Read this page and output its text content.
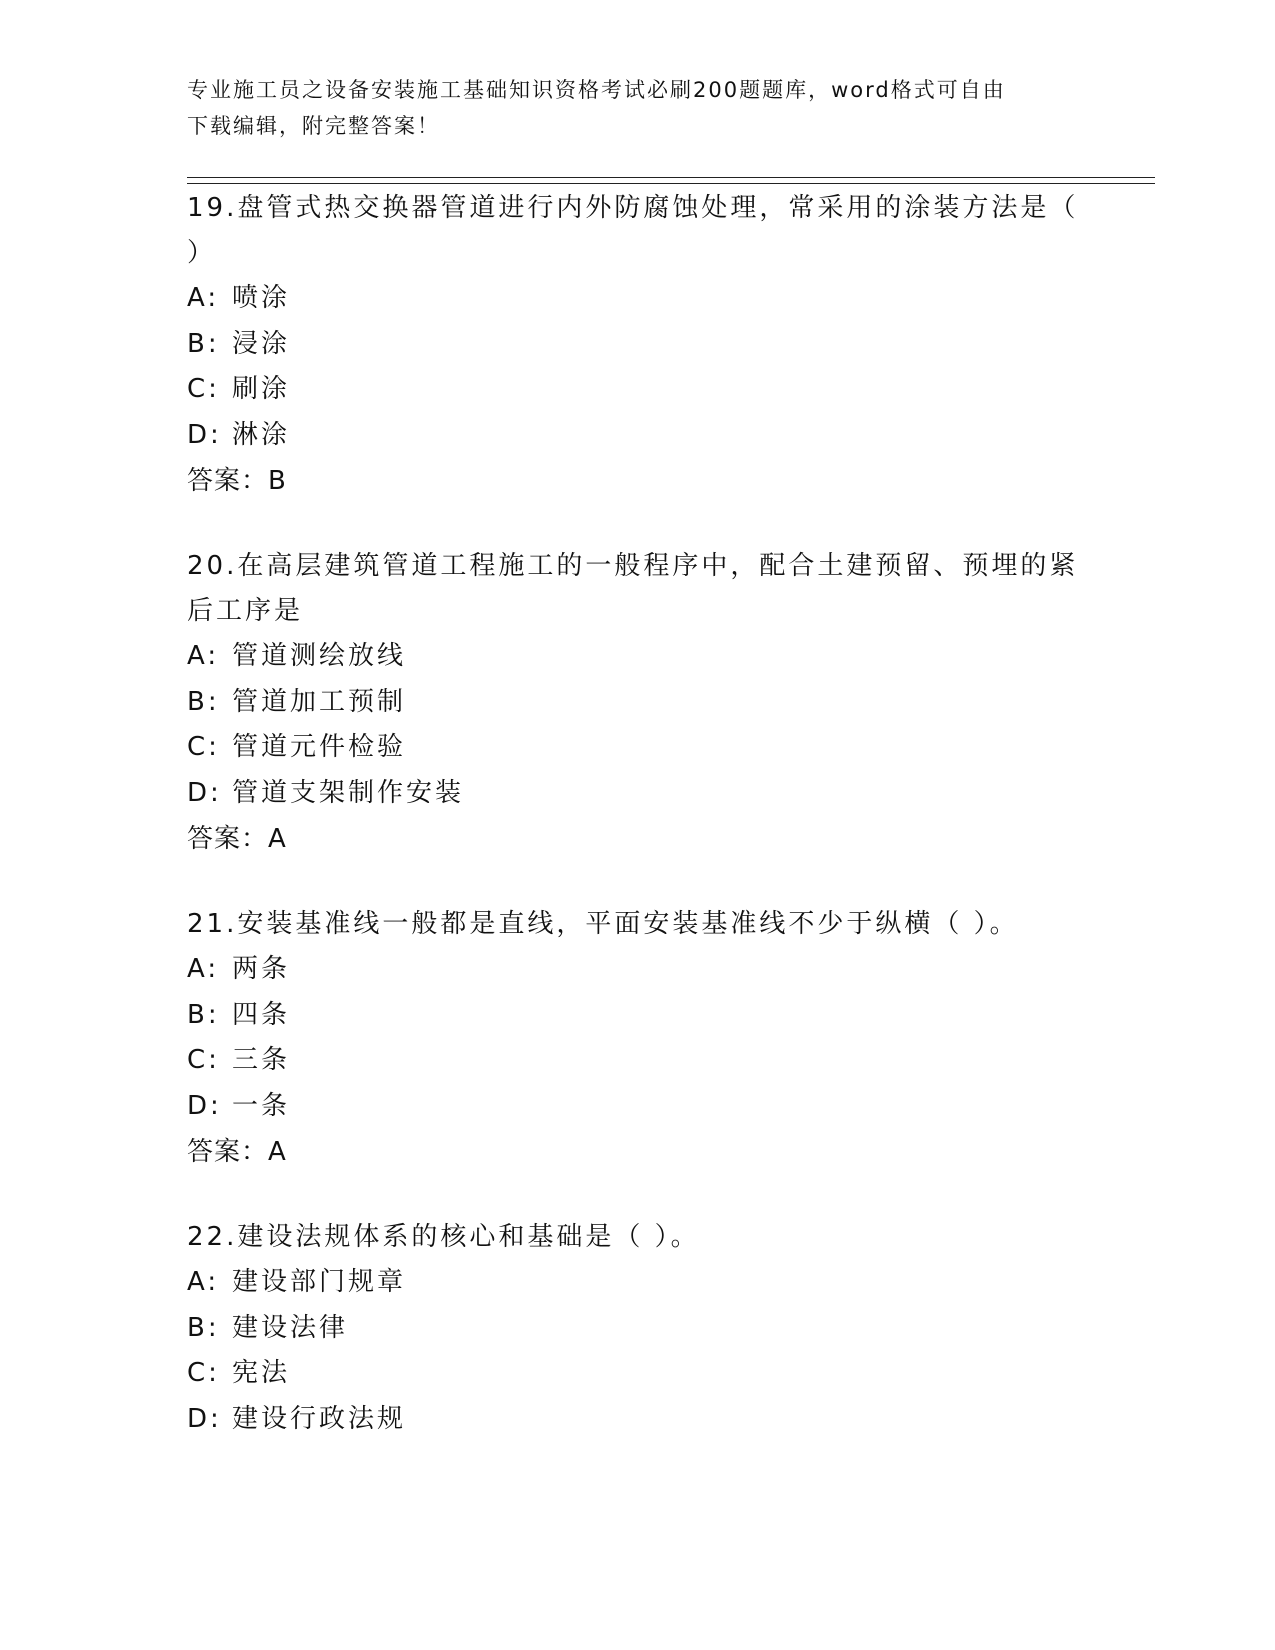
专业施工员之设备安装施工基础知识资格考试必刷200题题库，word格式可自由
下载编辑，附完整答案！

19.盘管式热交换器管道进行内外防腐蚀处理，常采用的涂装方法是（
）

A: 喷涂

B: 浸涂

C: 刷涂

D: 淋涂

答案：B

20.在高层建筑管道工程施工的一般程序中，配合土建预留、预埋的紧
后工序是

A: 管道测绘放线

B: 管道加工预制

C: 管道元件检验

D: 管道支架制作安装

答案：A

21.安装基准线一般都是直线，平面安装基准线不少于纵横（ ）。

A: 两条

B: 四条

C: 三条

D: 一条

答案：A

22.建设法规体系的核心和基础是（ ）。

A: 建设部门规章

B: 建设法律

C: 宪法

D: 建设行政法规
